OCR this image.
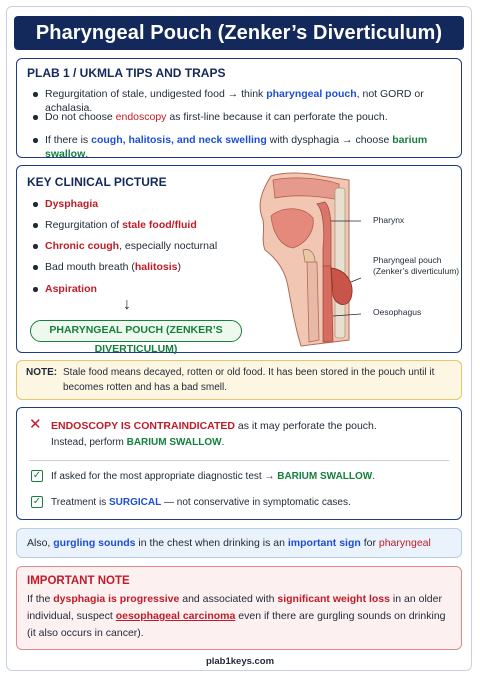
Pharyngeal Pouch (Zenker’s Diverticulum)
PLAB 1 / UKMLA TIPS AND TRAPS
Regurgitation of stale, undigested food → think pharyngeal pouch, not GORD or achalasia.
Do not choose endoscopy as first-line because it can perforate the pouch.
If there is cough, halitosis, and neck swelling with dysphagia → choose barium swallow.
KEY CLINICAL PICTURE
Dysphagia
Regurgitation of stale food/fluid
Chronic cough, especially nocturnal
Bad mouth breath (halitosis)
Aspiration
↓
Pharynx
Pharyngeal pouch
(Zenker’s diverticulum)
Oesophagus
PHARYNGEAL POUCH (ZENKER’S DIVERTICULUM)
NOTE: Stale food means decayed, rotten or old food. It has been stored in the pouch until it
becomes rotten and has a bad smell.
✕ ENDOSCOPY IS CONTRAINDICATED as it may perforate the pouch.
Instead, perform BARIUM SWALLOW.
✓ If asked for the most appropriate diagnostic test → BARIUM SWALLOW.
✓ Treatment is SURGICAL — not conservative in symptomatic cases.
Also, gurgling sounds in the chest when drinking is an important sign for pharyngeal
IMPORTANT NOTE
If the dysphagia is progressive and associated with significant weight loss in an older
individual, suspect oesophageal carcinoma even if there are gurgling sounds on drinking
(it also occurs in cancer).
plab1keys.com
